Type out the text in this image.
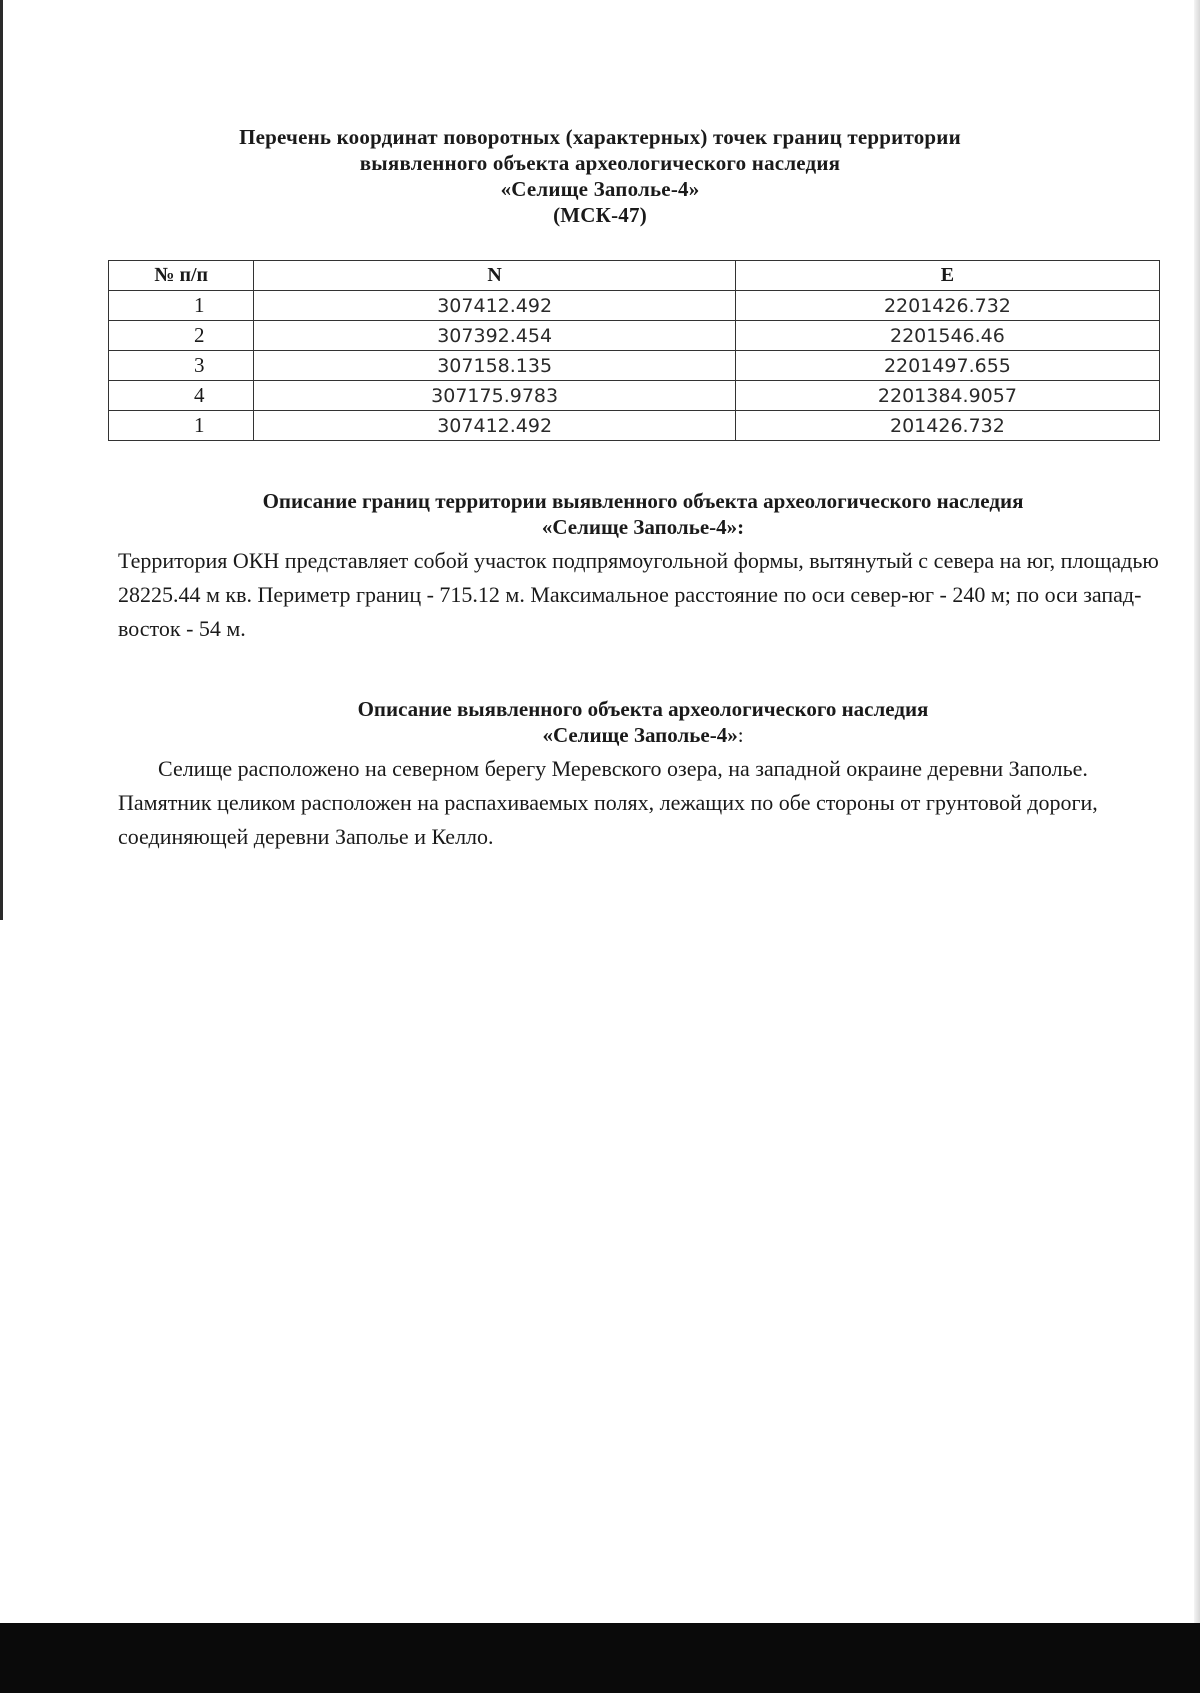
Перечень координат поворотных (характерных) точек границ территории
выявленного объекта археологического наследия
«Селище Заполье-4»
(МСК-47)
№ п/п	N	E
1	307412.492	2201426.732
2	307392.454	2201546.46
3	307158.135	2201497.655
4	307175.9783	2201384.9057
1	307412.492	201426.732
Описание границ территории выявленного объекта археологического наследия
«Селище Заполье-4»:
Территория ОКН представляет собой участок подпрямоугольной формы, вытянутый с севера на юг, площадью 28225.44 м кв. Периметр границ - 715.12 м. Максимальное расстояние по оси север-юг - 240 м; по оси запад-восток - 54 м.
Описание выявленного объекта археологического наследия
«Селище Заполье-4»:
Селище расположено на северном берегу Меревского озера, на западной окраине деревни Заполье. Памятник целиком расположен на распахиваемых полях, лежащих по обе стороны от грунтовой дороги, соединяющей деревни Заполье и Келло.
